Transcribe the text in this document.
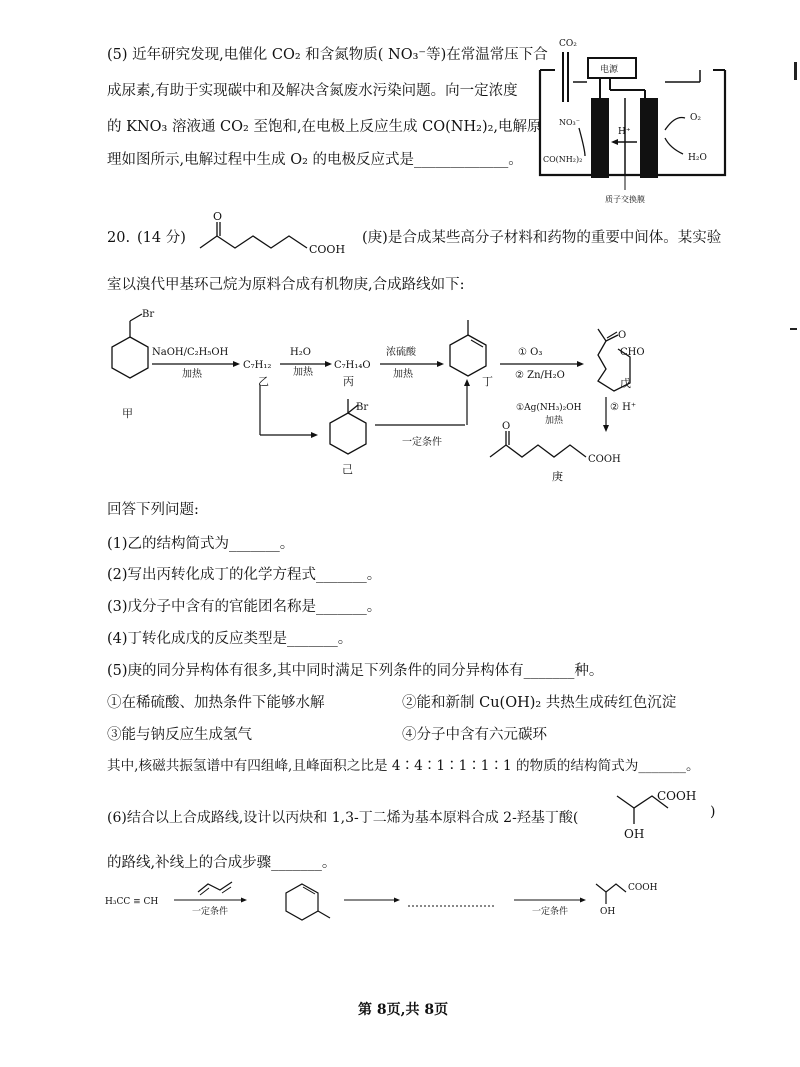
(5) 近年研究发现,电催化 CO₂ 和含氮物质( NO₃⁻等)在常温常压下合
成尿素,有助于实现碳中和及解决含氮废水污染问题。向一定浓度
的 KNO₃ 溶液通 CO₂ 至饱和,在电极上反应生成 CO(NH₂)₂,电解原
理如图所示,电解过程中生成 O₂ 的电极反应式是_____________。
CO₂
电源
H⁺
NO₃⁻	O₂
CO(NH₂)₂	H₂O
质子交换膜
20. (14 分)
O
COOH
(庚)是合成某些高分子材料和药物的重要中间体。某实验
室以溴代甲基环己烷为原料合成有机物庚,合成路线如下:
Br
甲
NaOH/C₂H₅OH
加热
C₇H₁₂
乙
H₂O
加热
C₇H₁₄O
丙
浓硫酸
加热
丁
① O₃
② Zn/H₂O
O
CHO
戊
①Ag(NH₃)₂OH
加热
② H⁺
Br
己
一定条件
O
COOH
庚
回答下列问题:
(1)乙的结构简式为_______。
(2)写出丙转化成丁的化学方程式_______。
(3)戊分子中含有的官能团名称是_______。
(4)丁转化成戊的反应类型是_______。
(5)庚的同分异构体有很多,其中同时满足下列条件的同分异构体有_______种。
①在稀硫酸、加热条件下能够水解	②能和新制 Cu(OH)₂ 共热生成砖红色沉淀
③能与钠反应生成氢气	④分子中含有六元碳环
其中,核磁共振氢谱中有四组峰,且峰面积之比是 4∶4∶1∶1∶1∶1 的物质的结构简式为_______。
(6)结合以上合成路线,设计以丙炔和 1,3-丁二烯为基本原料合成 2-羟基丁酸(
COOH
OH
)
的路线,补线上的合成步骤_______。
H₃CC ≡ CH
一定条件	一定条件
COOH
OH
第 8页,共 8页
